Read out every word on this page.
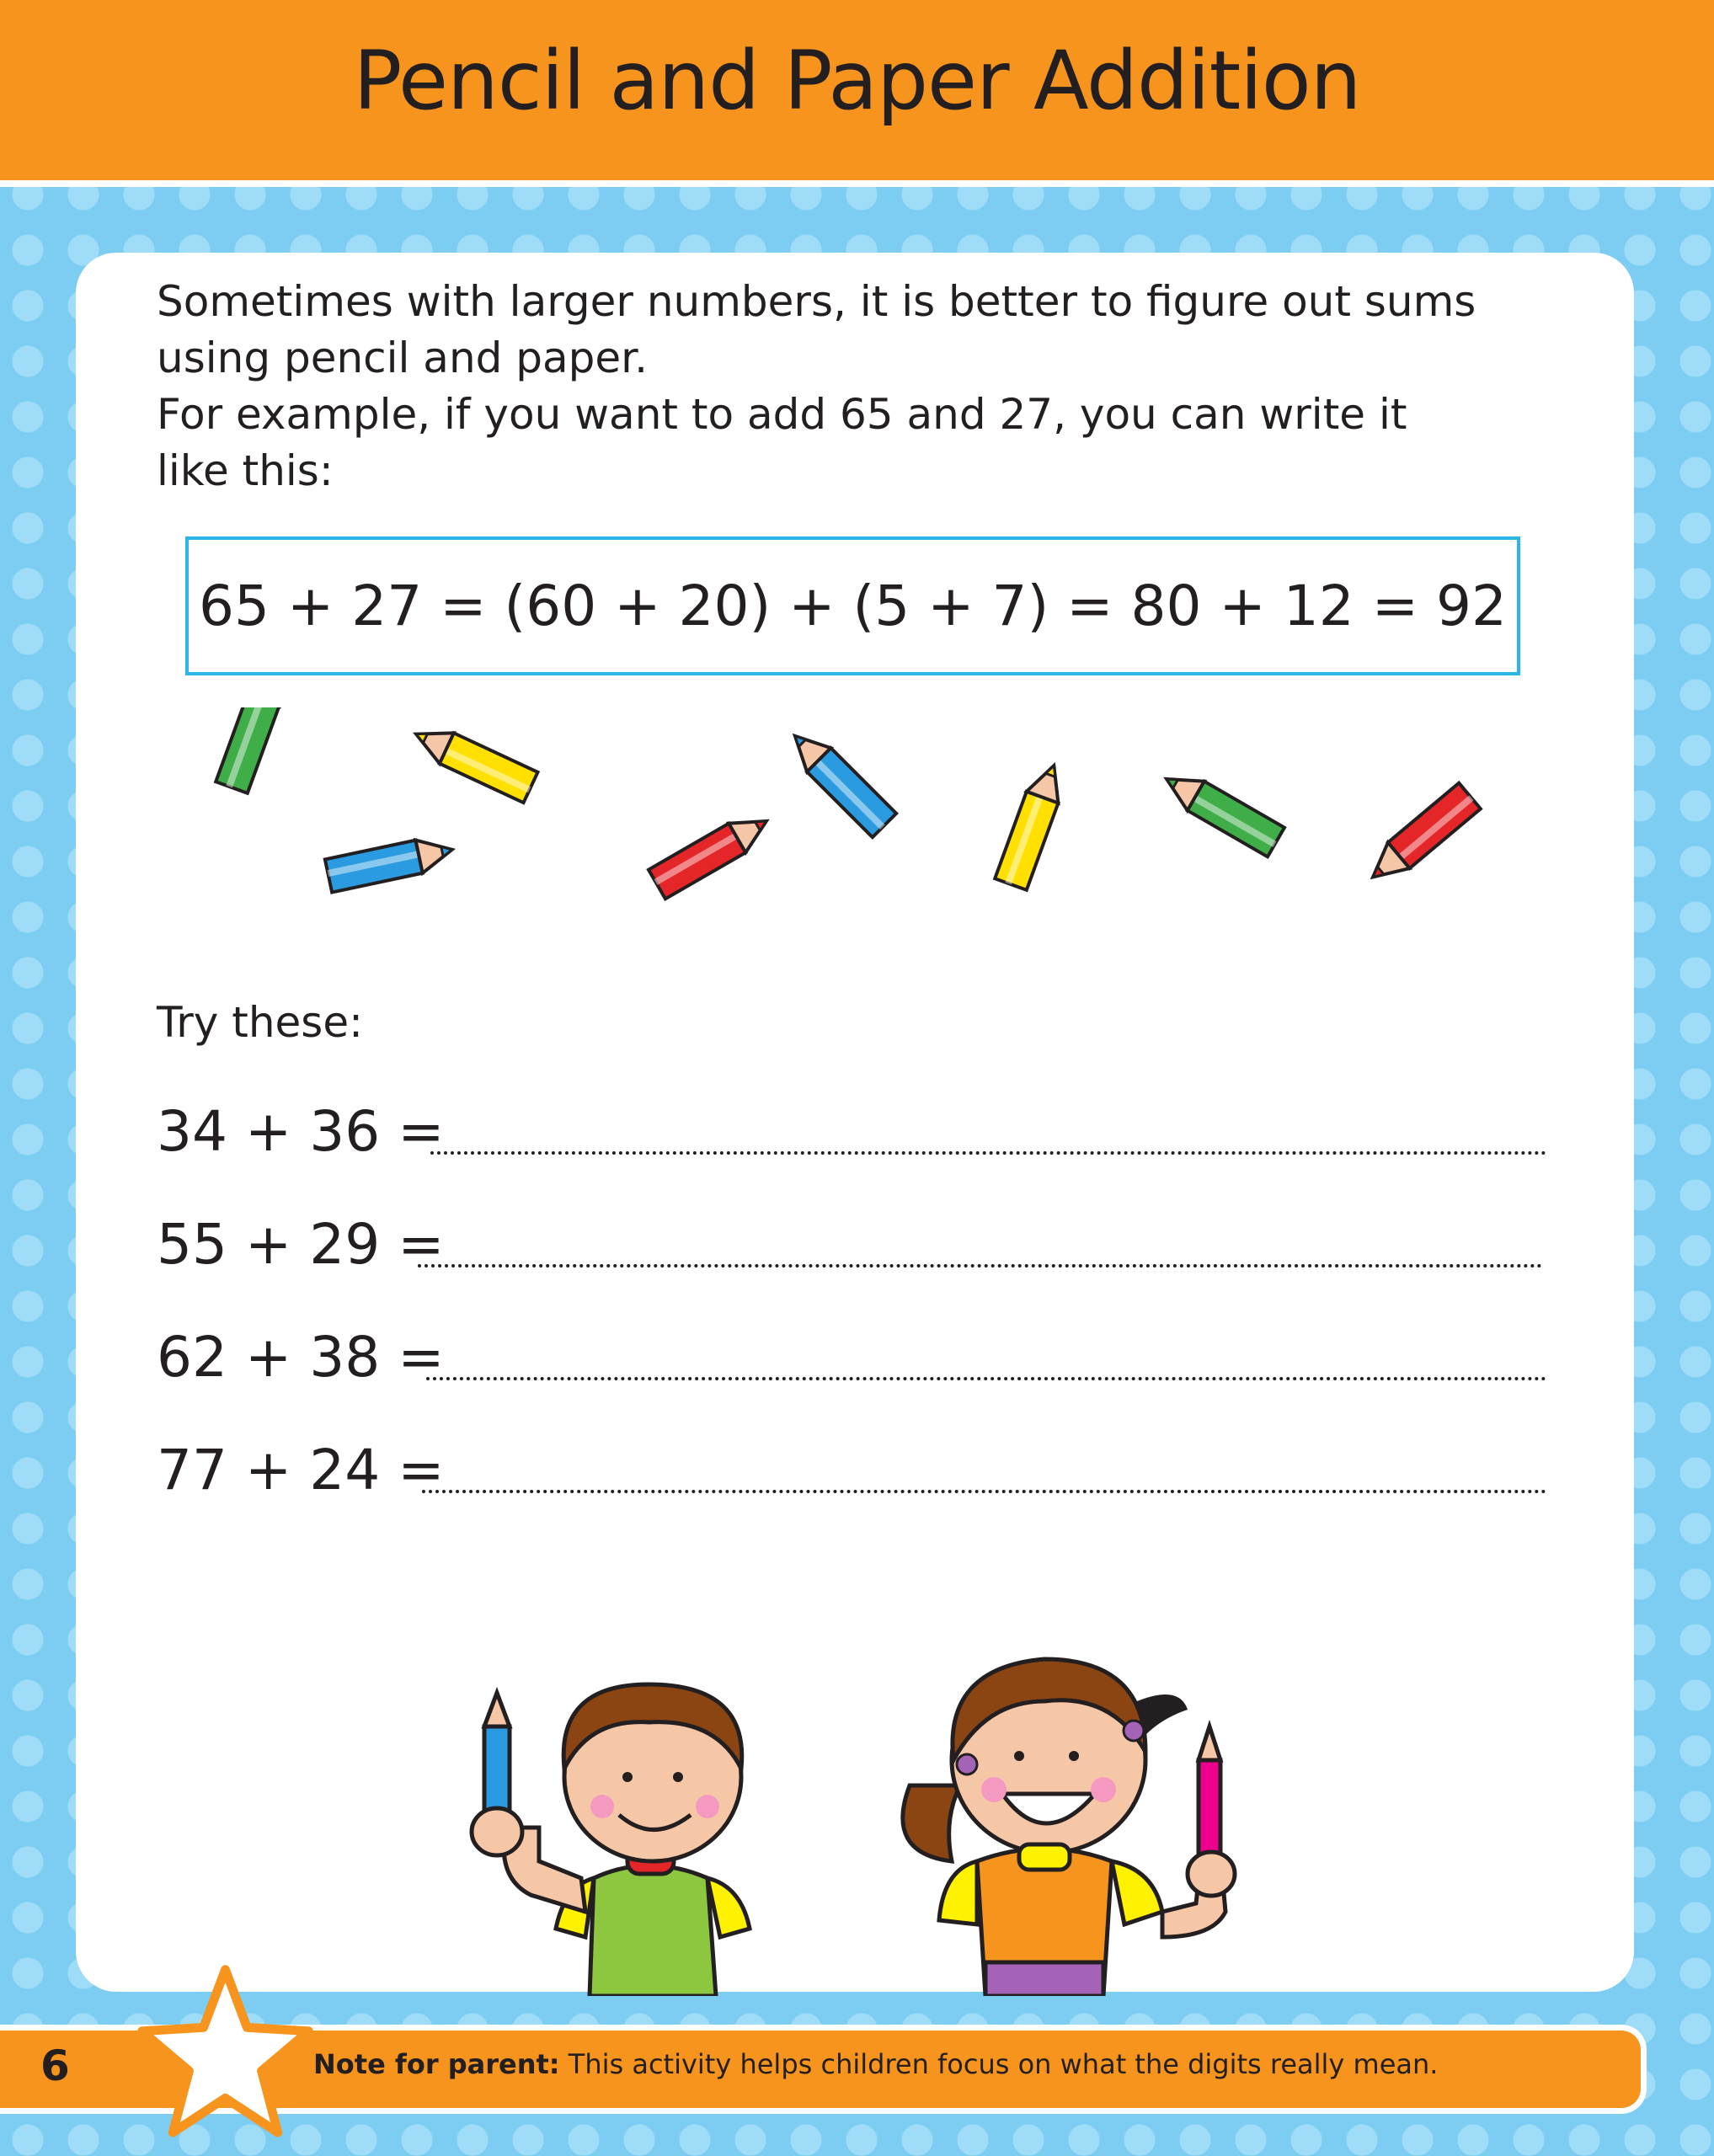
Pencil and Paper Addition

Sometimes with larger numbers, it is better to figure out sums

using pencil and paper.

For example, if you want to add 65 and 27, you can write it

like this:

65 + 27 = (60 + 20) + (5 + 7) = 80 + 12 = 92
Try these:
34 + 36 =
55 + 29 =
62 + 38 =
77 + 24 =
6	Note for parent: This activity helps children focus on what the digits really mean.
